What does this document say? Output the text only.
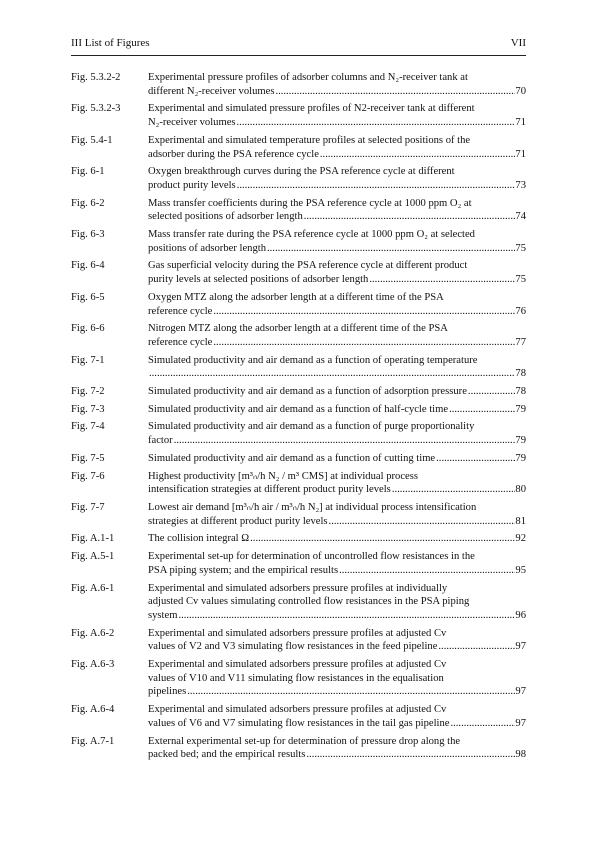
III List of Figures	VII
Fig. 5.3.2-2	Experimental pressure profiles of adsorber columns and N₂-receiver tank at
different N₂-receiver volumes .....	70
Fig. 5.3.2-3	Experimental and simulated pressure profiles of N2-receiver tank at different
N₂-receiver volumes .....	71
Fig. 5.4-1	Experimental and simulated temperature profiles at selected positions of the
adsorber during the PSA reference cycle .....	71
Fig. 6-1	Oxygen breakthrough curves during the PSA reference cycle at different
product purity levels .....	73
Fig. 6-2	Mass transfer coefficients during the PSA reference cycle at 1000 ppm O₂ at
selected positions of adsorber length .....	74
Fig. 6-3	Mass transfer rate during the PSA reference cycle at 1000 ppm O₂ at selected
positions of adsorber length .....	75
Fig. 6-4	Gas superficial velocity during the PSA reference cycle at different product
purity levels at selected positions of adsorber length .....	75
Fig. 6-5	Oxygen MTZ along the adsorber length at a different time of the PSA
reference cycle .....	76
Fig. 6-6	Nitrogen MTZ along the adsorber length at a different time of the PSA
reference cycle .....	77
Fig. 7-1	Simulated productivity and air demand as a function of operating temperature
.....
78
Fig. 7-2	Simulated productivity and air demand as a function of adsorption pressure .....	78
Fig. 7-3	Simulated productivity and air demand as a function of half-cycle time .....	79
Fig. 7-4	Simulated productivity and air demand as a function of purge proportionality
factor .....	79
Fig. 7-5	Simulated productivity and air demand as a function of cutting time .....	79
Fig. 7-6	Highest productivity [m³ₙ/h N₂ / m³ CMS] at individual process
intensification strategies at different product purity levels .....	80
Fig. 7-7	Lowest air demand [m³ₙ/h air / m³ₙ/h N₂] at individual process intensification
strategies at different product purity levels .....	81
Fig. A.1-1	The collision integral Ω .....	92
Fig. A.5-1	Experimental set-up for determination of uncontrolled flow resistances in the
PSA piping system; and the empirical results .....	95
Fig. A.6-1	Experimental and simulated adsorbers pressure profiles at individually
adjusted Cv values simulating controlled flow resistances in the PSA piping
system .....	96
Fig. A.6-2	Experimental and simulated adsorbers pressure profiles at adjusted Cv
values of V2 and V3 simulating flow resistances in the feed pipeline .....	97
Fig. A.6-3	Experimental and simulated adsorbers pressure profiles at adjusted Cv
values of V10 and V11 simulating flow resistances in the equalisation
pipelines .....	97
Fig. A.6-4	Experimental and simulated adsorbers pressure profiles at adjusted Cv
values of V6 and V7 simulating flow resistances in the tail gas pipeline .....	97
Fig. A.7-1	External experimental set-up for determination of pressure drop along the
packed bed; and the empirical results .....	98
